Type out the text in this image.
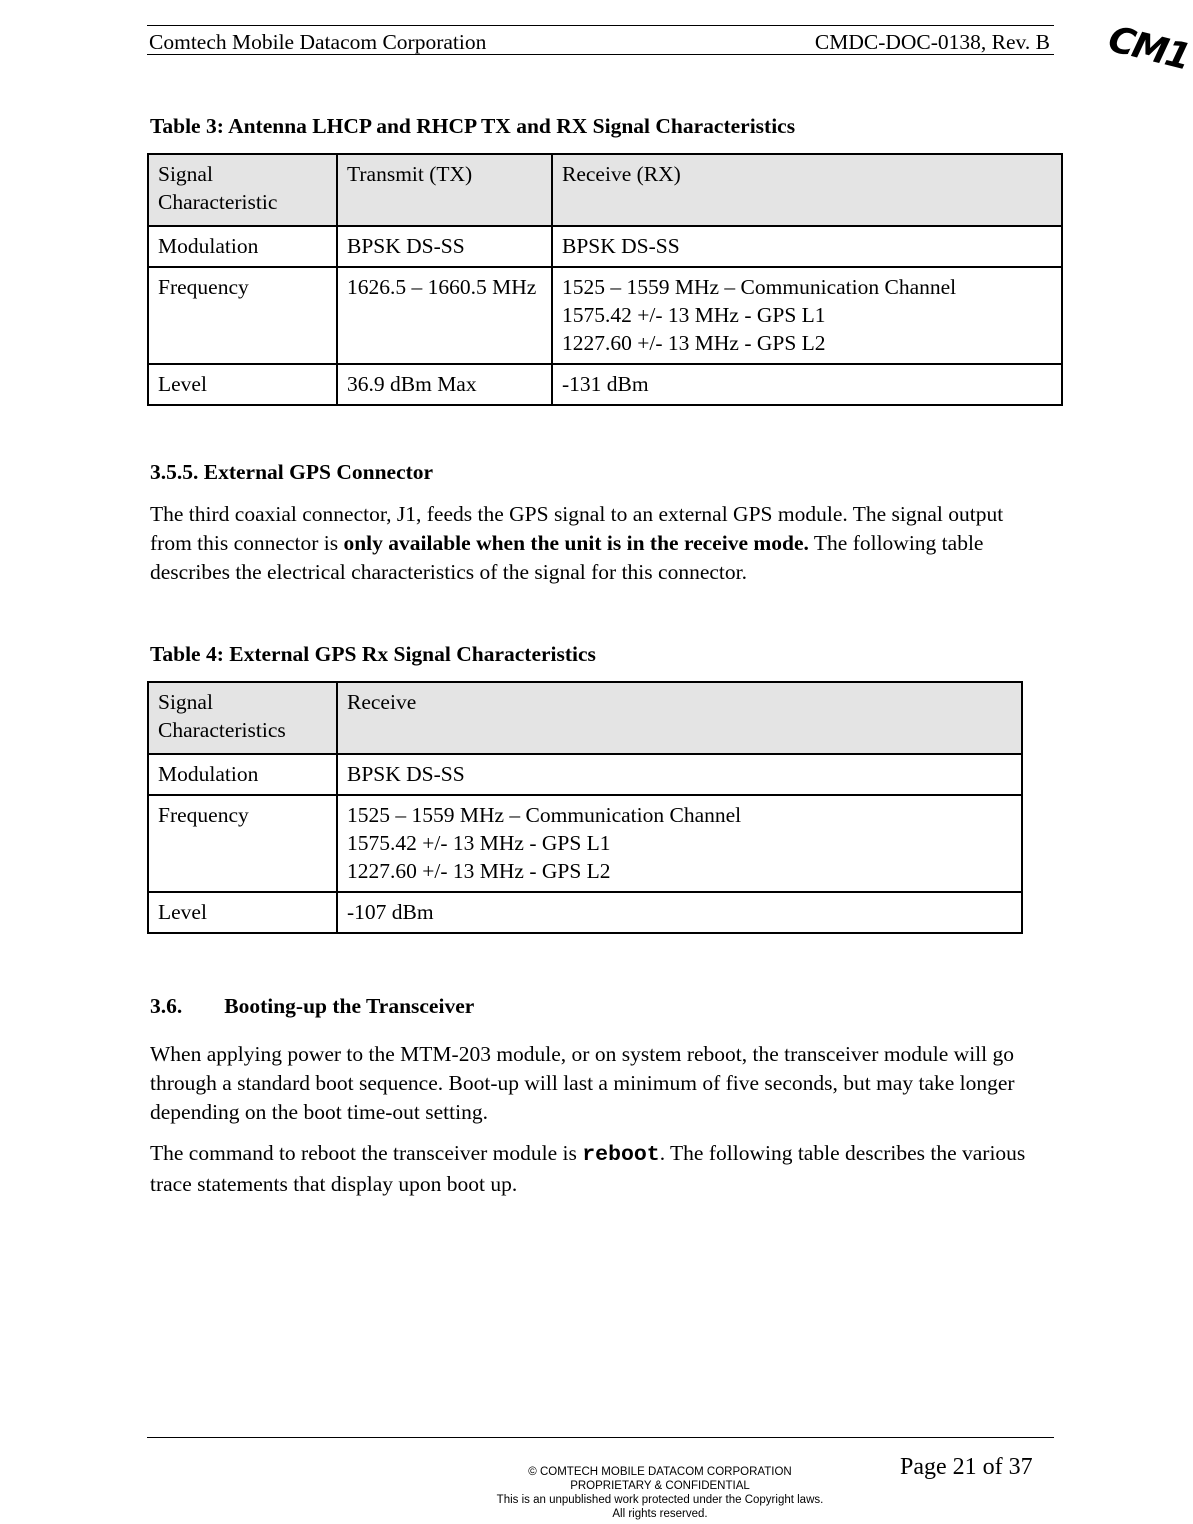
Comtech Mobile Datacom Corporation	CMDC-DOC-0138, Rev. B CM1
Table 3: Antenna LHCP and RHCP TX and RX Signal Characteristics
Signal Characteristic	Transmit (TX)	Receive (RX)
Modulation	BPSK DS-SS	BPSK DS-SS

Frequency	1626.5 – 1660.5 MHz	1525 – 1559 MHz – Communication Channel
1575.42 +/- 13 MHz - GPS L1
1227.60 +/- 13 MHz - GPS L2

Level	36.9 dBm Max	-131 dBm
3.5.5. External GPS Connector
The third coaxial connector, J1, feeds the GPS signal to an external GPS module. The signal output from this connector is only available when the unit is in the receive mode. The following table describes the electrical characteristics of the signal for this connector.
Table 4: External GPS Rx Signal Characteristics
Signal Characteristics	Receive
Modulation	BPSK DS-SS

Frequency	1525 – 1559 MHz – Communication Channel
1575.42 +/- 13 MHz - GPS L1
1227.60 +/- 13 MHz - GPS L2

Level	-107 dBm
3.6. Booting-up the Transceiver
When applying power to the MTM-203 module, or on system reboot, the transceiver module will go through a standard boot sequence. Boot-up will last a minimum of five seconds, but may take longer depending on the boot time-out setting.
The command to reboot the transceiver module is reboot. The following table describes the various trace statements that display upon boot up.
© COMTECH MOBILE DATACOM CORPORATION
PROPRIETARY & CONFIDENTIAL
This is an unpublished work protected under the Copyright laws.
All rights reserved.
Page 21 of 37
